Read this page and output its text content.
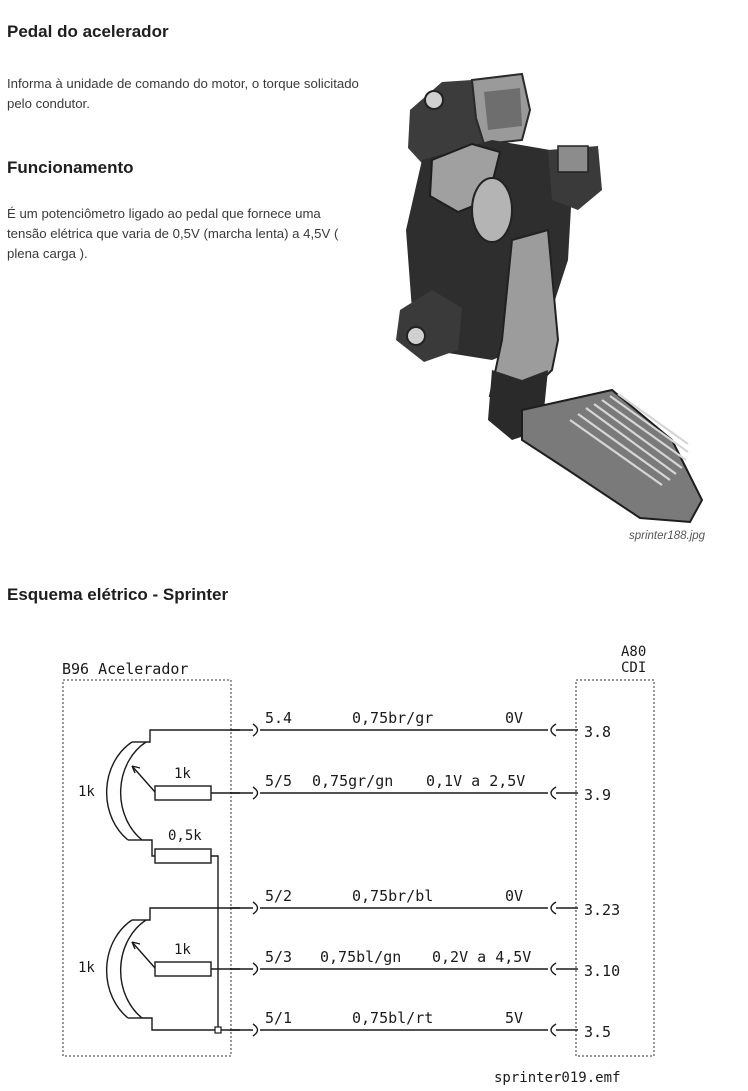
Pedal do acelerador

Informa à unidade de comando do motor, o torque solicitado pelo condutor.

Funcionamento

É um potenciômetro ligado ao pedal que fornece uma tensão elétrica que varia de 0,5V (marcha lenta) a 4,5V ( plena carga ).

sprinter188.jpg
Esquema elétrico - Sprinter
B96 Acelerador
A80
CDI
1k
1k
0,5k
1k
1k
5.4	0,75br/gr	0V
3.8
5/5 0,75gr/gn 0,1V a 2,5V
3.9
5/2	0,75br/bl	0V
3.23
5/3 0,75bl/gn 0,2V a 4,5V
3.10
5/1	0,75bl/rt	5V
3.5
sprinter019.emf
